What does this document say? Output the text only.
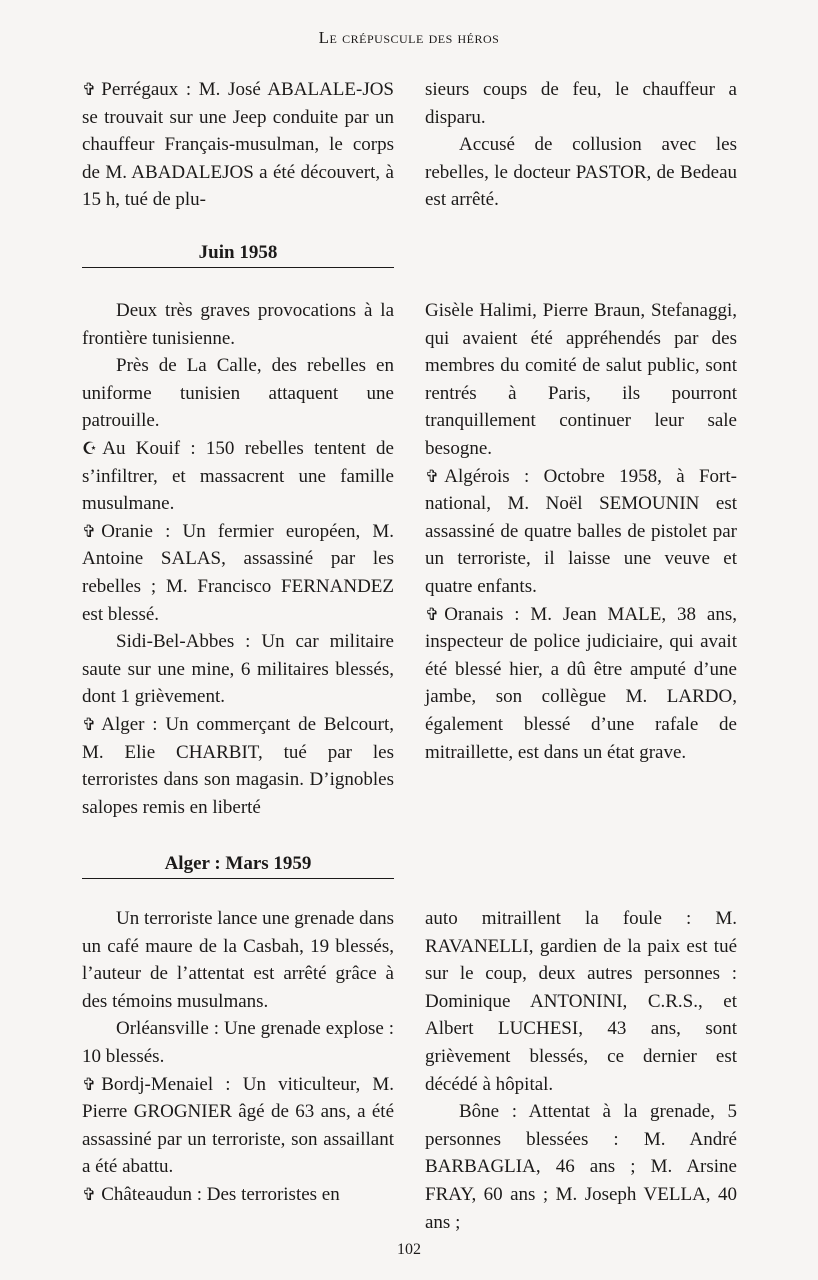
Le crépuscule des héros

✞ Perrégaux : M. José ABALALE-JOS se trouvait sur une Jeep conduite par un chauffeur Français-musulman, le corps de M. ABADALEJOS a été découvert, à 15 h, tué de plu-

sieurs coups de feu, le chauffeur a disparu.

Accusé de collusion avec les rebelles, le docteur PASTOR, de Bedeau est arrêté.

Juin 1958

Deux très graves provocations à la frontière tunisienne.

Près de La Calle, des rebelles en uniforme tunisien attaquent une patrouille.

☪ Au Kouif : 150 rebelles tentent de s’infiltrer, et massacrent une famille musulmane.

✞ Oranie : Un fermier européen, M. Antoine SALAS, assassiné par les rebelles ; M. Francisco FERNANDEZ est blessé.

Sidi-Bel-Abbes : Un car militaire saute sur une mine, 6 militaires blessés, dont 1 grièvement.

✞ Alger : Un commerçant de Belcourt, M. Elie CHARBIT, tué par les terroristes dans son magasin. D’ignobles salopes remis en liberté

Gisèle Halimi, Pierre Braun, Stefanaggi, qui avaient été appréhendés par des membres du comité de salut public, sont rentrés à Paris, ils pourront tranquillement continuer leur sale besogne.

✞ Algérois : Octobre 1958, à Fort-national, M. Noël SEMOUNIN est assassiné de quatre balles de pistolet par un terroriste, il laisse une veuve et quatre enfants.

✞ Oranais : M. Jean MALE, 38 ans, inspecteur de police judiciaire, qui avait été blessé hier, a dû être amputé d’une jambe, son collègue M. LARDO, également blessé d’une rafale de mitraillette, est dans un état grave.

Alger : Mars 1959

Un terroriste lance une grenade dans un café maure de la Casbah, 19 blessés, l’auteur de l’attentat est arrêté grâce à des témoins musulmans.

Orléansville : Une grenade explose : 10 blessés.

✞ Bordj-Menaiel : Un viticulteur, M. Pierre GROGNIER âgé de 63 ans, a été assassiné par un terroriste, son assaillant a été abattu.

✞ Châteaudun : Des terroristes en

auto mitraillent la foule : M. RAVANELLI, gardien de la paix est tué sur le coup, deux autres personnes : Dominique ANTONINI, C.R.S., et Albert LUCHESI, 43 ans, sont grièvement blessés, ce dernier est décédé à hôpital.

Bône : Attentat à la grenade, 5 personnes blessées : M. André BARBAGLIA, 46 ans ; M. Arsine FRAY, 60 ans ; M. Joseph VELLA, 40 ans ;

102
